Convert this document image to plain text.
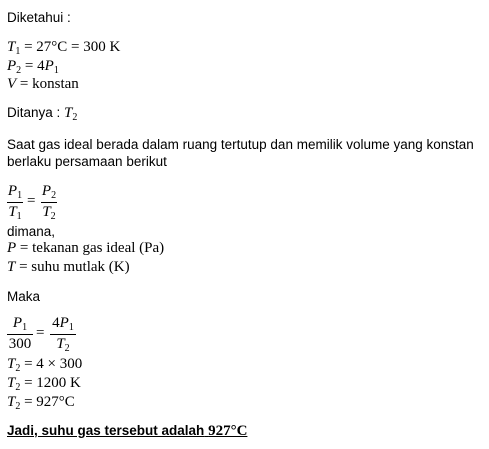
Diketahui :
$T_1 = 27^\circ C = 300$ K
$P_2 = 4P_1$
V = konstan
Ditanya : $T_2$
Saat gas ideal berada dalam ruang tertutup dan memilik volume yang konstan
berlaku persamaan berikut
$P_1$
$T_1$
=
$P_2$
$T_2$
dimana,
P = tekanan gas ideal (Pa)
T = suhu mutlak (K)
Maka
$P_1$
300
=
$4P_1$
$T_2$
$T_2 = 4 \times 300$
$T_2 = 1200$ K
$T_2 = 927^\circ C$
Jadi, suhu gas tersebut adalah 927°C
